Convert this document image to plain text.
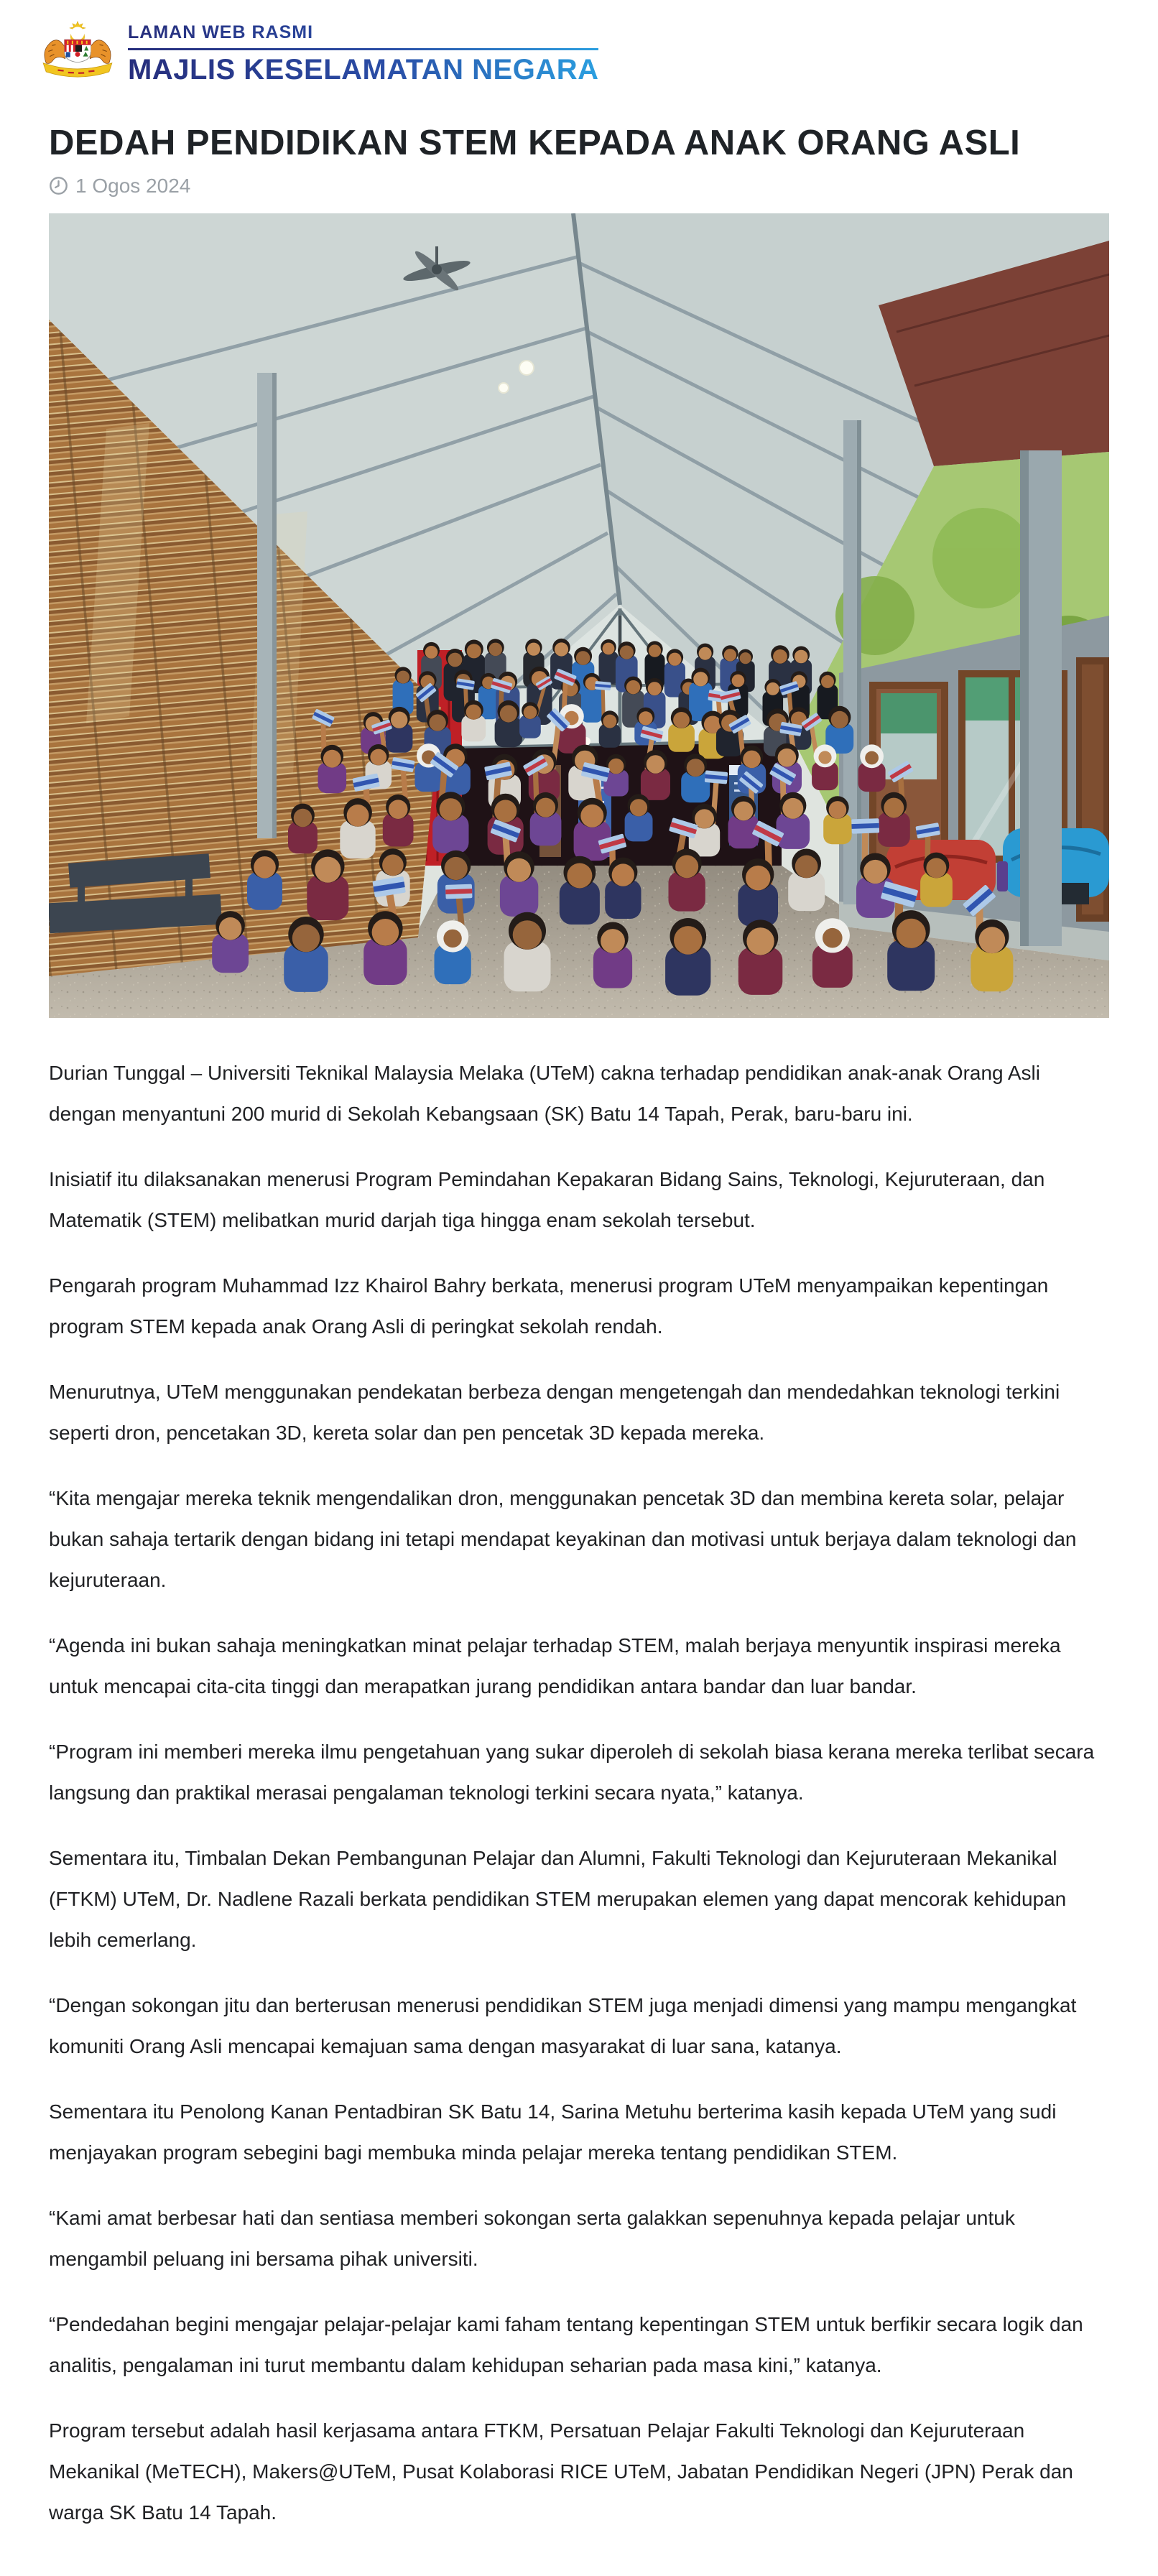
LAMAN WEB RASMI
MAJLIS KESELAMATAN NEGARA
DEDAH PENDIDIKAN STEM KEPADA ANAK ORANG ASLI
1 Ogos 2024

Durian Tunggal – Universiti Teknikal Malaysia Melaka (UTeM) cakna terhadap pendidikan anak-anak Orang Asli dengan menyantuni 200 murid di Sekolah Kebangsaan (SK) Batu 14 Tapah, Perak, baru-baru ini.

Inisiatif itu dilaksanakan menerusi Program Pemindahan Kepakaran Bidang Sains, Teknologi, Kejuruteraan, dan Matematik (STEM) melibatkan murid darjah tiga hingga enam sekolah tersebut.

Pengarah program Muhammad Izz Khairol Bahry berkata, menerusi program UTeM menyampaikan kepentingan program STEM kepada anak Orang Asli di peringkat sekolah rendah.

Menurutnya, UTeM menggunakan pendekatan berbeza dengan mengetengah dan mendedahkan teknologi terkini seperti dron, pencetakan 3D, kereta solar dan pen pencetak 3D kepada mereka.

“Kita mengajar mereka teknik mengendalikan dron, menggunakan pencetak 3D dan membina kereta solar, pelajar bukan sahaja tertarik dengan bidang ini tetapi mendapat keyakinan dan motivasi untuk berjaya dalam teknologi dan kejuruteraan.

“Agenda ini bukan sahaja meningkatkan minat pelajar terhadap STEM, malah berjaya menyuntik inspirasi mereka untuk mencapai cita-cita tinggi dan merapatkan jurang pendidikan antara bandar dan luar bandar.

“Program ini memberi mereka ilmu pengetahuan yang sukar diperoleh di sekolah biasa kerana mereka terlibat secara langsung dan praktikal merasai pengalaman teknologi terkini secara nyata,” katanya.

Sementara itu, Timbalan Dekan Pembangunan Pelajar dan Alumni, Fakulti Teknologi dan Kejuruteraan Mekanikal (FTKM) UTeM, Dr. Nadlene Razali berkata pendidikan STEM merupakan elemen yang dapat mencorak kehidupan lebih cemerlang.

“Dengan sokongan jitu dan berterusan menerusi pendidikan STEM juga menjadi dimensi yang mampu mengangkat komuniti Orang Asli mencapai kemajuan sama dengan masyarakat di luar sana, katanya.

Sementara itu Penolong Kanan Pentadbiran SK Batu 14, Sarina Metuhu berterima kasih kepada UTeM yang sudi menjayakan program sebegini bagi membuka minda pelajar mereka tentang pendidikan STEM.

“Kami amat berbesar hati dan sentiasa memberi sokongan serta galakkan sepenuhnya kepada pelajar untuk mengambil peluang ini bersama pihak universiti.

“Pendedahan begini mengajar pelajar-pelajar kami faham tentang kepentingan STEM untuk berfikir secara logik dan analitis, pengalaman ini turut membantu dalam kehidupan seharian pada masa kini,” katanya.

Program tersebut adalah hasil kerjasama antara FTKM, Persatuan Pelajar Fakulti Teknologi dan Kejuruteraan Mekanikal (MeTECH), Makers@UTeM, Pusat Kolaborasi RICE UTeM, Jabatan Pendidikan Negeri (JPN) Perak dan warga SK Batu 14 Tapah.
